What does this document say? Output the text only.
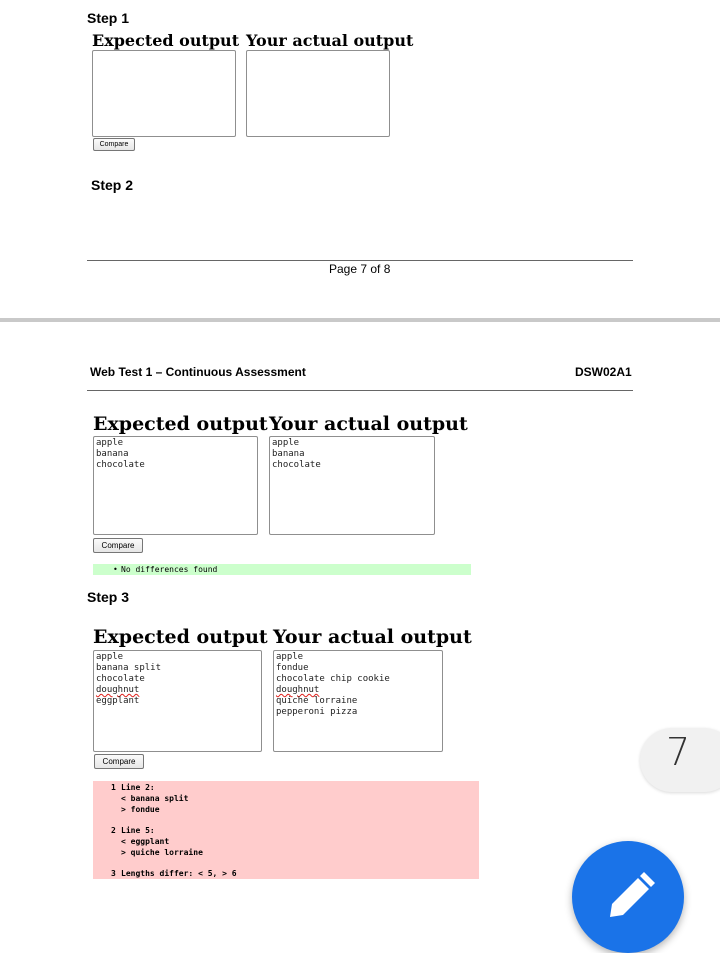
Step 1
Expected output Your actual output
Compare
Step 2
Page 7 of 8
Web Test 1 – Continuous Assessment	DSW02A1
Expected output Your actual output
apple
banana
chocolate
apple
banana
chocolate
Compare
• No differences found
Step 3
Expected output Your actual output
apple
banana split
chocolate
doughnut
eggplant
apple
fondue
chocolate chip cookie
doughnut
quiche lorraine
pepperoni pizza
Compare
1 Line 2:
< banana split
> fondue
2 Line 5:
< eggplant
> quiche lorraine
3 Lengths differ: < 5, > 6
7
